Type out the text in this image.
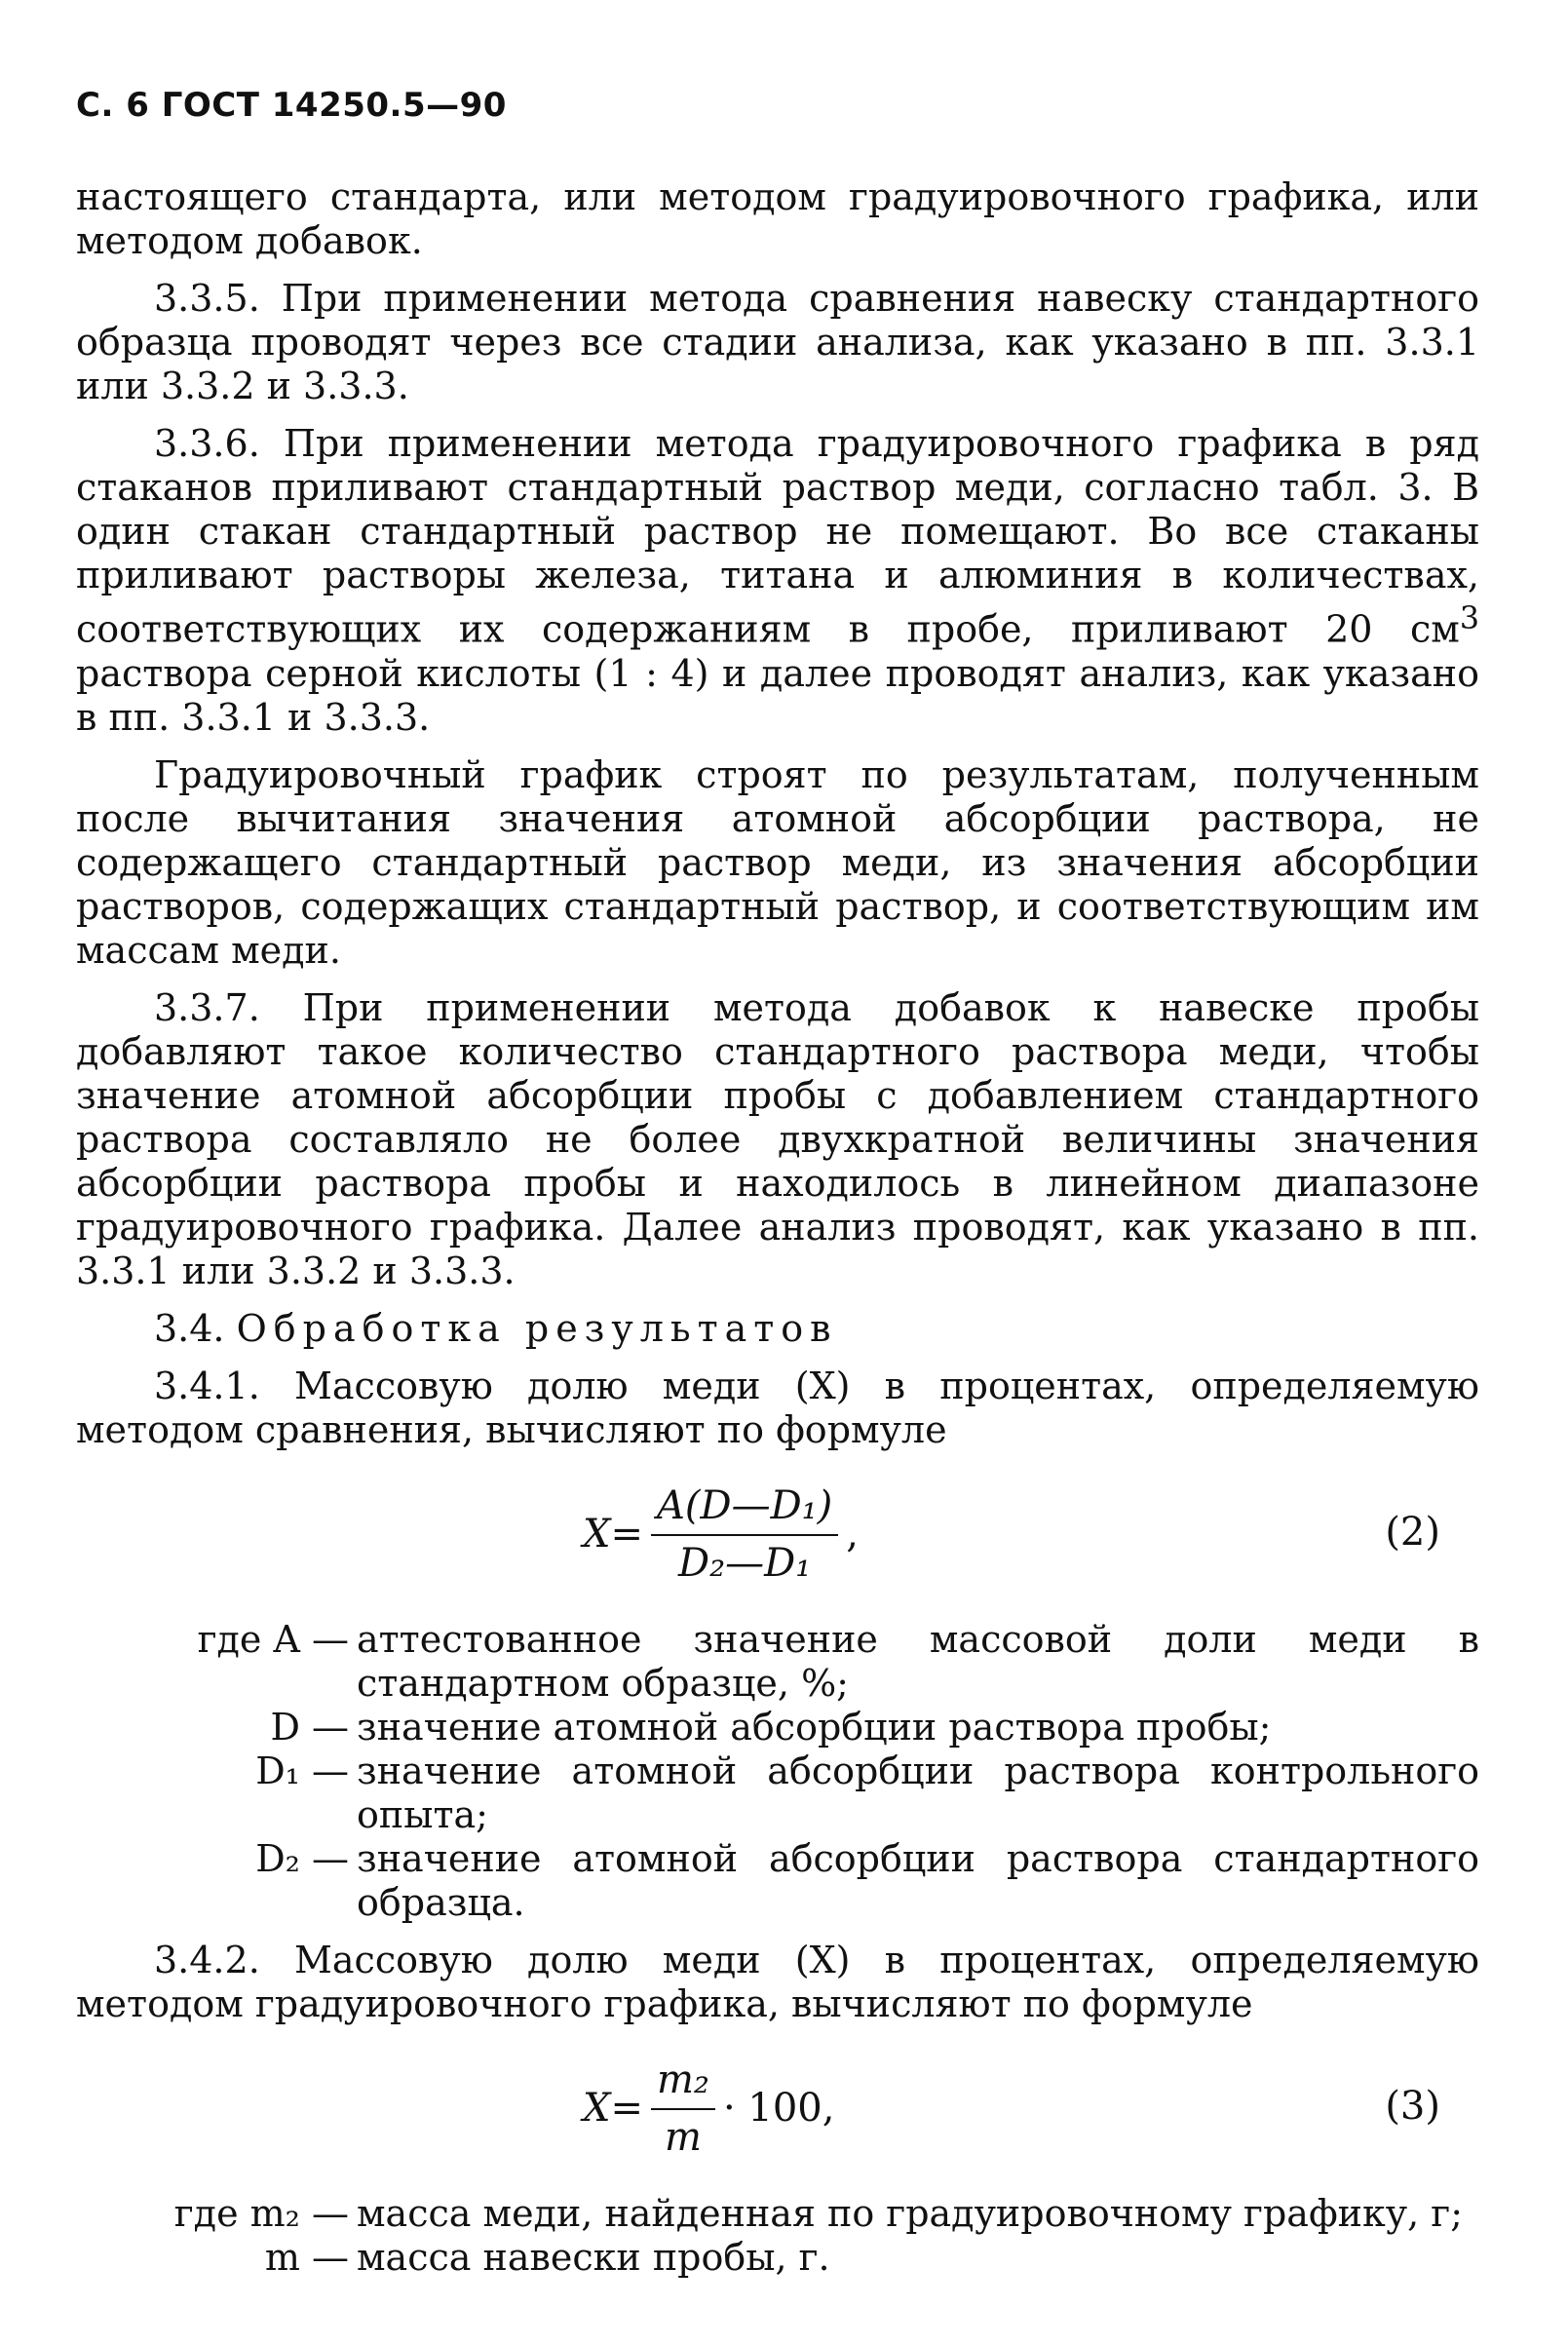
С. 6 ГОСТ 14250.5—90

настоящего стандарта, или методом градуировочного графика, или методом добавок.

3.3.5. При применении метода сравнения навеску стандартного образца проводят через все стадии анализа, как указано в пп. 3.3.1 или 3.3.2 и 3.3.3.

3.3.6. При применении метода градуировочного графика в ряд стаканов приливают стандартный раствор меди, согласно табл. 3. В один стакан стандартный раствор не помещают. Во все стаканы приливают растворы железа, титана и алюминия в количествах, соответствующих их содержаниям в пробе, приливают 20 $см^3$ раствора серной кислоты (1 : 4) и далее проводят анализ, как указано в пп. 3.3.1 и 3.3.3.

Градуировочный график строят по результатам, полученным после вычитания значения атомной абсорбции раствора, не содержащего стандартный раствор меди, из значения абсорбции растворов, содержащих стандартный раствор, и соответствующим им массам меди.

3.3.7. При применении метода добавок к навеске пробы добавляют такое количество стандартного раствора меди, чтобы значение атомной абсорбции пробы с добавлением стандартного раствора составляло не более двухкратной величины значения абсорбции раствора пробы и находилось в линейном диапазоне градуировочного графика. Далее анализ проводят, как указано в пп. 3.3.1 или 3.3.2 и 3.3.3.

3.4. Обработка результатов

3.4.1. Массовую долю меди (X) в процентах, определяемую методом сравнения, вычисляют по формуле

$X = \frac{\text{A(D—D₁)}}{\text{D₂—D₁}}$ ,	(2)
где A — аттестованное значение массовой доли меди в стандартном образце, %;
D — значение атомной абсорбции раствора пробы;
D₁ — значение атомной абсорбции раствора контрольного опыта;
D₂ — значение атомной абсорбции раствора стандартного образца.

3.4.2. Массовую долю меди (X) в процентах, определяемую методом градуировочного графика, вычисляют по формуле

$X = \frac{\text{m₂}}{m} \cdot 100$,	(3)
где m₂ — масса меди, найденная по градуировочному графику, г;
m — масса навески пробы, г.
